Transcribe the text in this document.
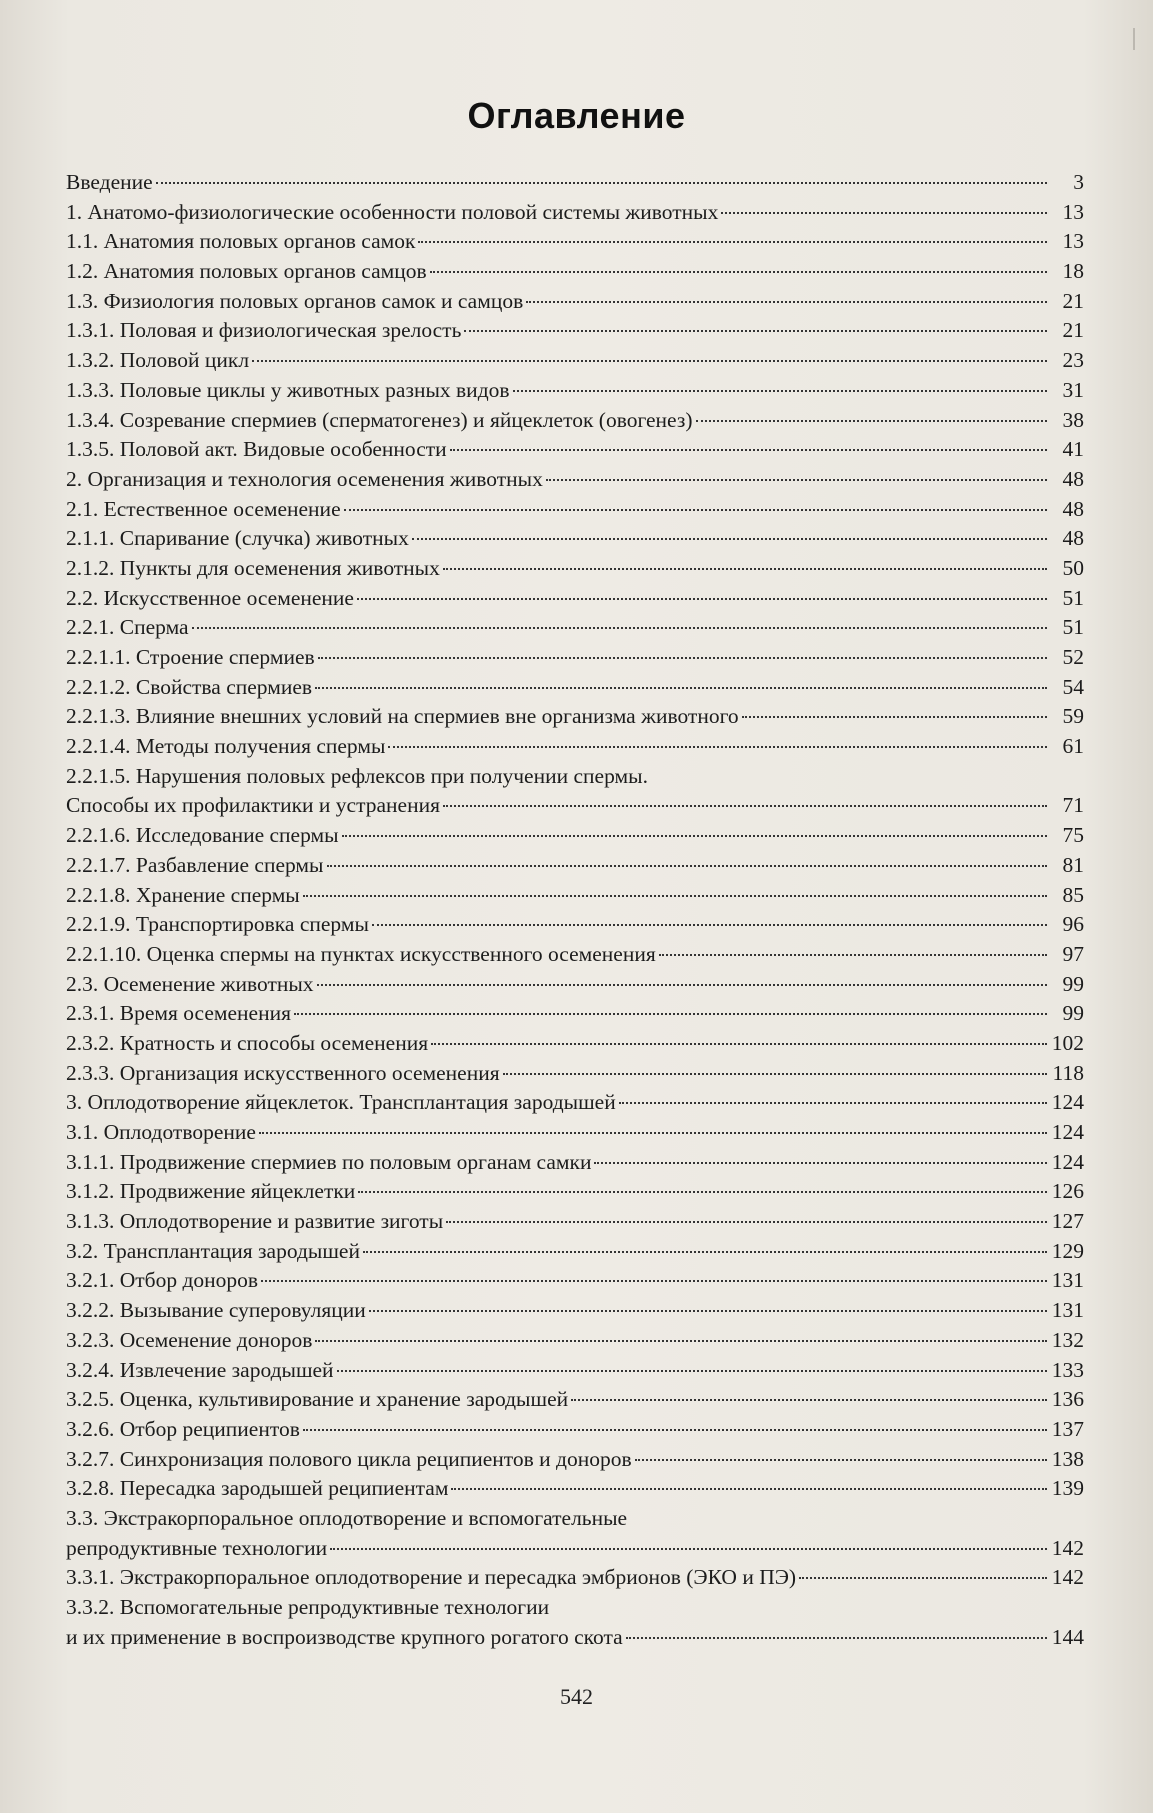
Оглавление
Введение	3
1. Анатомо-физиологические особенности половой системы животных	13
1.1. Анатомия половых органов самок	13
1.2. Анатомия половых органов самцов	18
1.3. Физиология половых органов самок и самцов	21
1.3.1. Половая и физиологическая зрелость	21
1.3.2. Половой цикл	23
1.3.3. Половые циклы у животных разных видов	31
1.3.4. Созревание спермиев (сперматогенез) и яйцеклеток (овогенез)	38
1.3.5. Половой акт. Видовые особенности	41
2. Организация и технология осеменения животных	48
2.1. Естественное осеменение	48
2.1.1. Спаривание (случка) животных	48
2.1.2. Пункты для осеменения животных	50
2.2. Искусственное осеменение	51
2.2.1. Сперма	51
2.2.1.1. Строение спермиев	52
2.2.1.2. Свойства спермиев	54
2.2.1.3. Влияние внешних условий на спермиев вне организма животного	59
2.2.1.4. Методы получения спермы	61
2.2.1.5. Нарушения половых рефлексов при получении спермы.
Способы их профилактики и устранения	71
2.2.1.6. Исследование спермы	75
2.2.1.7. Разбавление спермы	81
2.2.1.8. Хранение спермы	85
2.2.1.9. Транспортировка спермы	96
2.2.1.10. Оценка спермы на пунктах искусственного осеменения	97
2.3. Осеменение животных	99
2.3.1. Время осеменения	99
2.3.2. Кратность и способы осеменения	102
2.3.3. Организация искусственного осеменения	118
3. Оплодотворение яйцеклеток. Трансплантация зародышей	124
3.1. Оплодотворение	124
3.1.1. Продвижение спермиев по половым органам самки	124
3.1.2. Продвижение яйцеклетки	126
3.1.3. Оплодотворение и развитие зиготы	127
3.2. Трансплантация зародышей	129
3.2.1. Отбор доноров	131
3.2.2. Вызывание суперовуляции	131
3.2.3. Осеменение доноров	132
3.2.4. Извлечение зародышей	133
3.2.5. Оценка, культивирование и хранение зародышей	136
3.2.6. Отбор реципиентов	137
3.2.7. Синхронизация полового цикла реципиентов и доноров	138
3.2.8. Пересадка зародышей реципиентам	139
3.3. Экстракорпоральное оплодотворение и вспомогательные
репродуктивные технологии	142
3.3.1. Экстракорпоральное оплодотворение и пересадка эмбрионов (ЭКО и ПЭ)	142
3.3.2. Вспомогательные репродуктивные технологии
и их применение в воспроизводстве крупного рогатого скота	144
542
